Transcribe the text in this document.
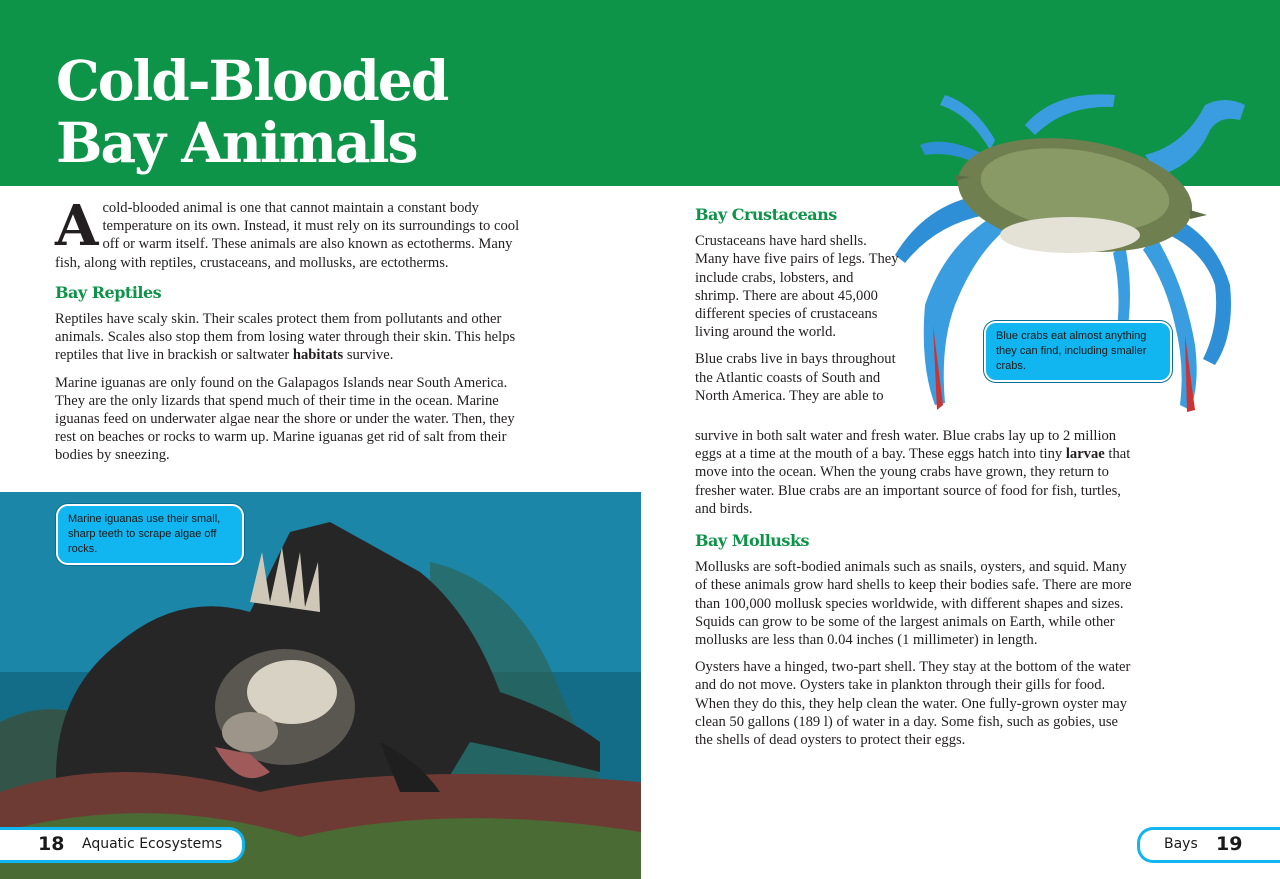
Cold-Blooded
Bay Animals

Acold-blooded animal is one that cannot maintain a constant body temperature on its own. Instead, it must rely on its surroundings to cool off or warm itself. These animals are also known as ectotherms. Many fish, along with reptiles, crustaceans, and mollusks, are ectotherms.

Bay Reptiles

Reptiles have scaly skin. Their scales protect them from pollutants and other animals. Scales also stop them from losing water through their skin. This helps reptiles that live in brackish or saltwater habitats survive.

Marine iguanas are only found on the Galapagos Islands near South America. They are the only lizards that spend much of their time in the ocean. Marine iguanas feed on underwater algae near the shore or under the water. Then, they rest on beaches or rocks to warm up. Marine iguanas get rid of salt from their bodies by sneezing.

Marine iguanas use their small, sharp teeth to scrape algae off rocks.
Blue crabs eat almost anything they can find, including smaller crabs.
Bay Crustaceans

Crustaceans have hard shells. Many have five pairs of legs. They include crabs, lobsters, and shrimp. There are about 45,000 different species of crustaceans living around the world.

Blue crabs live in bays throughout the Atlantic coasts of South and North America. They are able to

survive in both salt water and fresh water. Blue crabs lay up to 2 million eggs at a time at the mouth of a bay. These eggs hatch into tiny larvae that move into the ocean. When the young crabs have grown, they return to fresher water. Blue crabs are an important source of food for fish, turtles, and birds.

Bay Mollusks

Mollusks are soft-bodied animals such as snails, oysters, and squid. Many of these animals grow hard shells to keep their bodies safe. There are more than 100,000 mollusk species worldwide, with different shapes and sizes. Squids can grow to be some of the largest animals on Earth, while other mollusks are less than 0.04 inches (1 millimeter) in length.

Oysters have a hinged, two-part shell. They stay at the bottom of the water and do not move. Oysters take in plankton through their gills for food. When they do this, they help clean the water. One fully-grown oyster may clean 50 gallons (189 l) of water in a day. Some fish, such as gobies, use the shells of dead oysters to protect their eggs.

18 Aquatic Ecosystems	Bays 19
